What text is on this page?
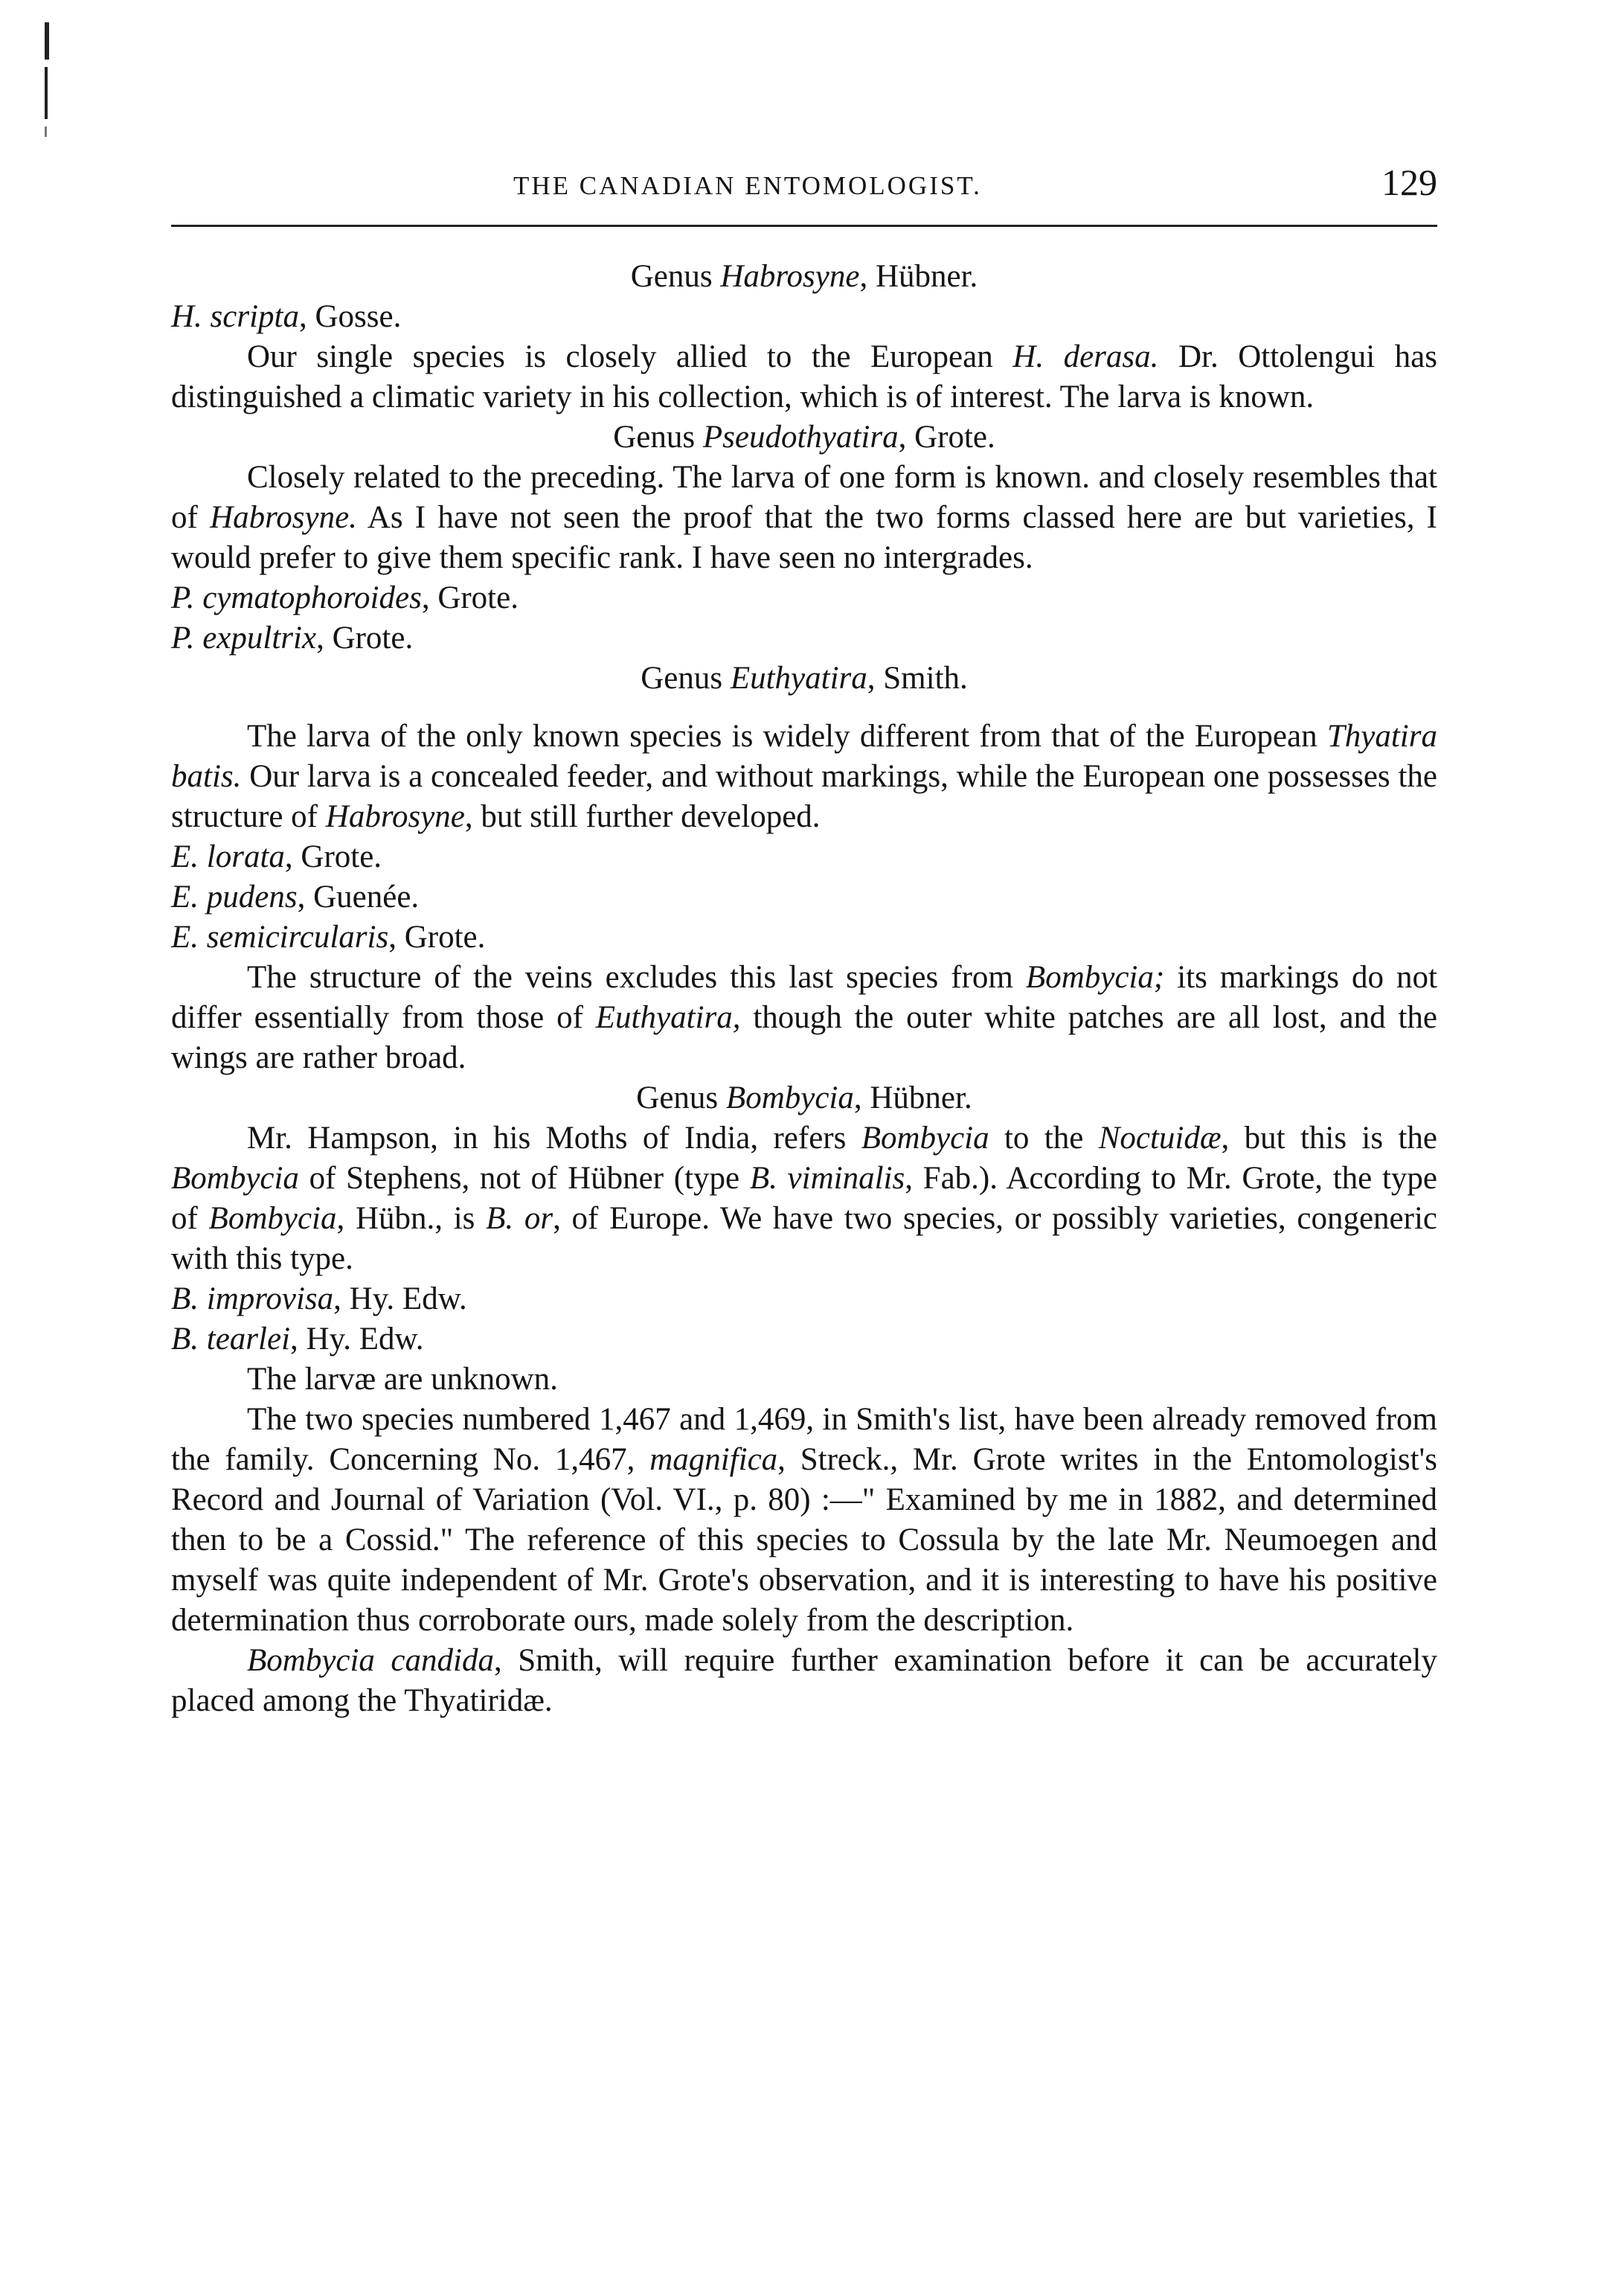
THE CANADIAN ENTOMOLOGIST.	129

Genus Habrosyne, Hübner.

H. scripta, Gosse.

Our single species is closely allied to the European H. derasa. Dr. Ottolengui has distinguished a climatic variety in his collection, which is of interest. The larva is known.

Genus Pseudothyatira, Grote.

Closely related to the preceding. The larva of one form is known. and closely resembles that of Habrosyne. As I have not seen the proof that the two forms classed here are but varieties, I would prefer to give them specific rank. I have seen no intergrades.

P. cymatophoroides, Grote.

P. expultrix, Grote.

Genus Euthyatira, Smith.

The larva of the only known species is widely different from that of the European Thyatira batis. Our larva is a concealed feeder, and without markings, while the European one possesses the structure of Habrosyne, but still further developed.

E. lorata, Grote.

E. pudens, Guenée.

E. semicircularis, Grote.

The structure of the veins excludes this last species from Bombycia; its markings do not differ essentially from those of Euthyatira, though the outer white patches are all lost, and the wings are rather broad.

Genus Bombycia, Hübner.

Mr. Hampson, in his Moths of India, refers Bombycia to the Noctuidæ, but this is the Bombycia of Stephens, not of Hübner (type B. viminalis, Fab.). According to Mr. Grote, the type of Bombycia, Hübn., is B. or, of Europe. We have two species, or possibly varieties, congeneric with this type.

B. improvisa, Hy. Edw.

B. tearlei, Hy. Edw.

The larvæ are unknown.

The two species numbered 1,467 and 1,469, in Smith's list, have been already removed from the family. Concerning No. 1,467, magnifica, Streck., Mr. Grote writes in the Entomologist's Record and Journal of Variation (Vol. VI., p. 80) :—" Examined by me in 1882, and determined then to be a Cossid." The reference of this species to Cossula by the late Mr. Neumoegen and myself was quite independent of Mr. Grote's observation, and it is interesting to have his positive determination thus corroborate ours, made solely from the description.

Bombycia candida, Smith, will require further examination before it can be accurately placed among the Thyatiridæ.
